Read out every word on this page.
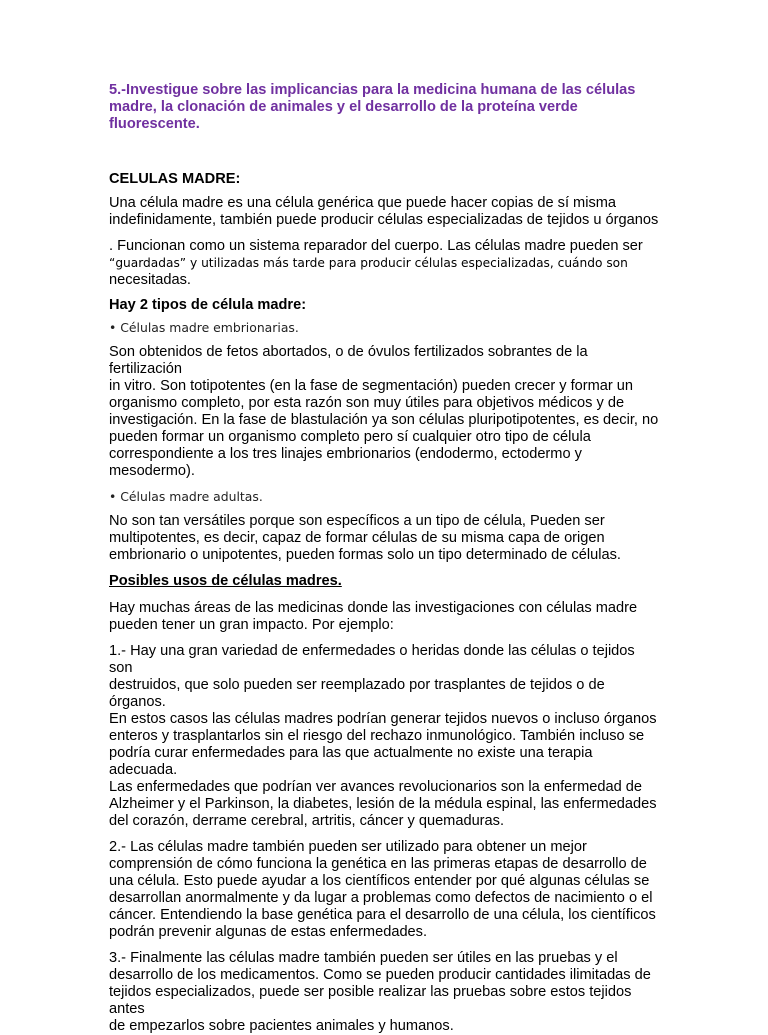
5.-Investigue sobre las implicancias para la medicina humana de las células

madre, la clonación de animales y el desarrollo de la proteína verde fluorescente.

CELULAS MADRE:

Una célula madre es una célula genérica que puede hacer copias de sí misma

indefinidamente, también puede producir células especializadas de tejidos u órganos

. Funcionan como un sistema reparador del cuerpo. Las células madre pueden ser

“guardadas” y utilizadas más tarde para producir células especializadas, cuándo son

necesitadas.

Hay 2 tipos de célula madre:

• Células madre embrionarias.

Son obtenidos de fetos abortados, o de óvulos fertilizados sobrantes de la fertilización

in vitro. Son totipotentes (en la fase de segmentación) pueden crecer y formar un

organismo completo, por esta razón son muy útiles para objetivos médicos y de

investigación. En la fase de blastulación ya son células pluripotipotentes, es decir, no

pueden formar un organismo completo pero sí cualquier otro tipo de célula

correspondiente a los tres linajes embrionarios (endodermo, ectodermo y mesodermo).

• Células madre adultas.

No son tan versátiles porque son específicos a un tipo de célula, Pueden ser

multipotentes, es decir, capaz de formar células de su misma capa de origen

embrionario o unipotentes, pueden formas solo un tipo determinado de células.

Posibles usos de células madres.

Hay muchas áreas de las medicinas donde las investigaciones con células madre

pueden tener un gran impacto. Por ejemplo:

1.- Hay una gran variedad de enfermedades o heridas donde las células o tejidos son

destruidos, que solo pueden ser reemplazado por trasplantes de tejidos o de órganos.

En estos casos las células madres podrían generar tejidos nuevos o incluso órganos

enteros y trasplantarlos sin el riesgo del rechazo inmunológico. También incluso se

podría curar enfermedades para las que actualmente no existe una terapia adecuada.

Las enfermedades que podrían ver avances revolucionarios son la enfermedad de

Alzheimer y el Parkinson, la diabetes, lesión de la médula espinal, las enfermedades

del corazón, derrame cerebral, artritis, cáncer y quemaduras.

2.- Las células madre también pueden ser utilizado para obtener un mejor

comprensión de cómo funciona la genética en las primeras etapas de desarrollo de

una célula. Esto puede ayudar a los científicos entender por qué algunas células se

desarrollan anormalmente y da lugar a problemas como defectos de nacimiento o el

cáncer. Entendiendo la base genética para el desarrollo de una célula, los científicos

podrán prevenir algunas de estas enfermedades.

3.- Finalmente las células madre también pueden ser útiles en las pruebas y el

desarrollo de los medicamentos. Como se pueden producir cantidades ilimitadas de

tejidos especializados, puede ser posible realizar las pruebas sobre estos tejidos antes

de empezarlos sobre pacientes animales y humanos.
